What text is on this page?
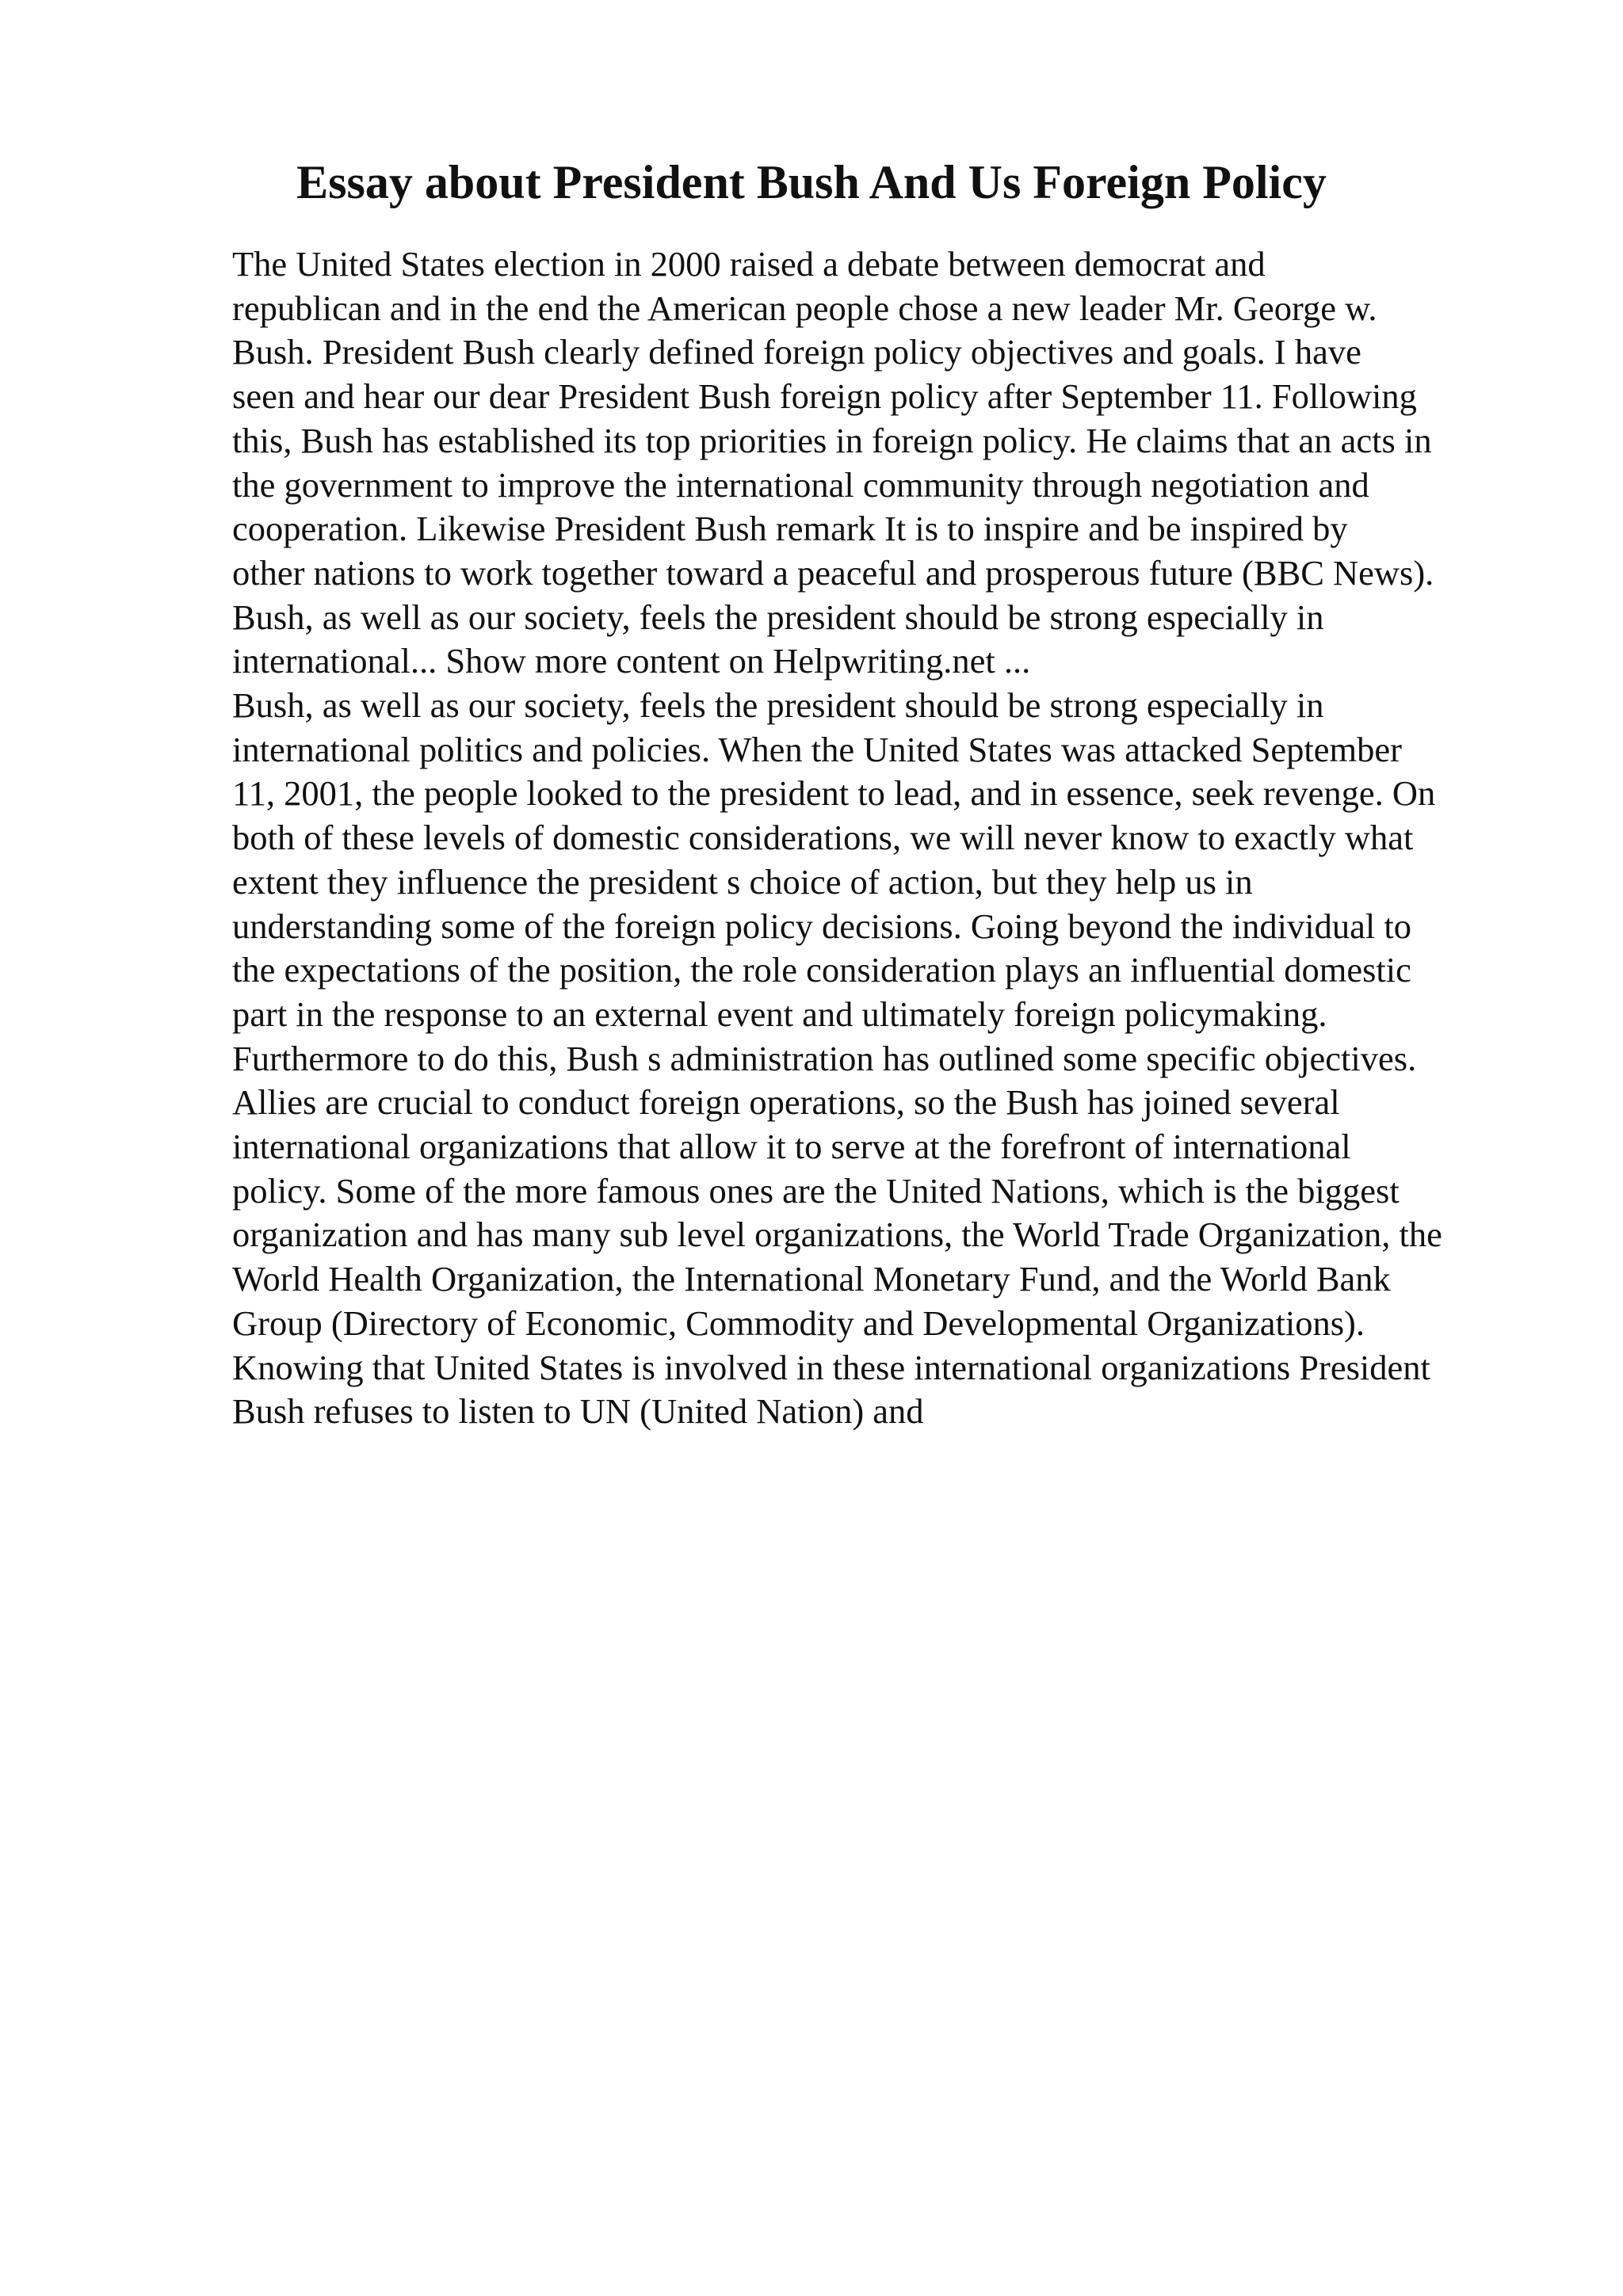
Essay about President Bush And Us Foreign Policy
The United States election in 2000 raised a debate between democrat and
republican and in the end the American people chose a new leader Mr. George w.
Bush. President Bush clearly defined foreign policy objectives and goals. I have
seen and hear our dear President Bush foreign policy after September 11. Following
this, Bush has established its top priorities in foreign policy. He claims that an acts in
the government to improve the international community through negotiation and
cooperation. Likewise President Bush remark It is to inspire and be inspired by
other nations to work together toward a peaceful and prosperous future (BBC News).
Bush, as well as our society, feels the president should be strong especially in
international... Show more content on Helpwriting.net ...
Bush, as well as our society, feels the president should be strong especially in
international politics and policies. When the United States was attacked September
11, 2001, the people looked to the president to lead, and in essence, seek revenge. On
both of these levels of domestic considerations, we will never know to exactly what
extent they influence the president s choice of action, but they help us in
understanding some of the foreign policy decisions. Going beyond the individual to
the expectations of the position, the role consideration plays an influential domestic
part in the response to an external event and ultimately foreign policymaking.
Furthermore to do this, Bush s administration has outlined some specific objectives.
Allies are crucial to conduct foreign operations, so the Bush has joined several
international organizations that allow it to serve at the forefront of international
policy. Some of the more famous ones are the United Nations, which is the biggest
organization and has many sub level organizations, the World Trade Organization, the
World Health Organization, the International Monetary Fund, and the World Bank
Group (Directory of Economic, Commodity and Developmental Organizations).
Knowing that United States is involved in these international organizations President
Bush refuses to listen to UN (United Nation) and
